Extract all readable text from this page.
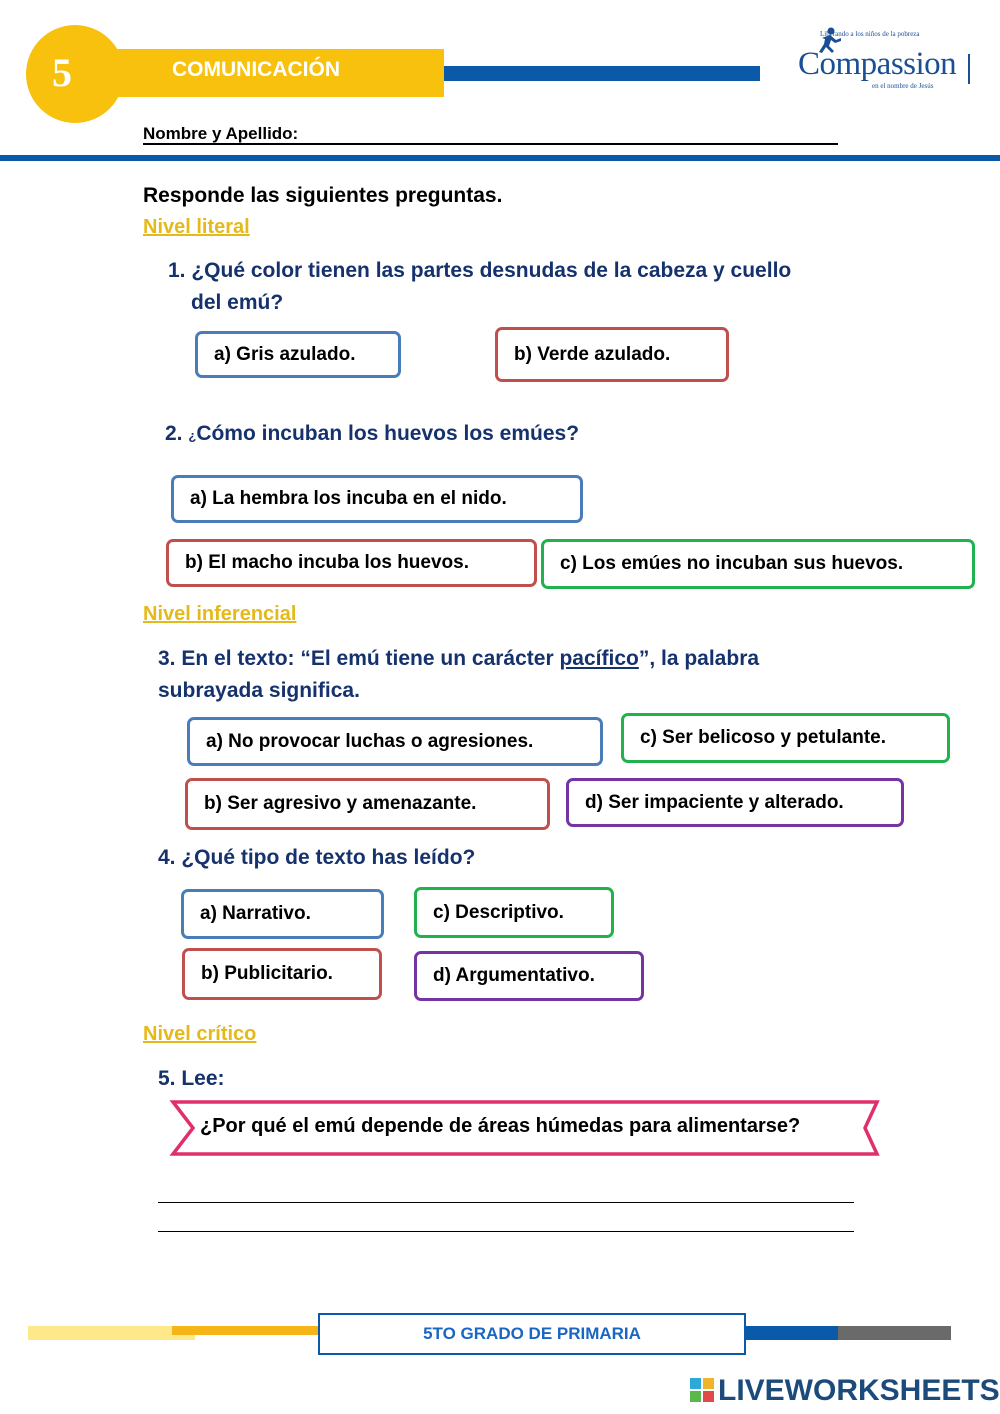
COMUNICACIÓN
5
Liberando a los niños de la pobreza
Compassion
en el nombre de Jesús
Nombre y Apellido:
Responde las siguientes preguntas.
Nivel literal
1. ¿Qué color tienen las partes desnudas de la cabeza y cuello
del emú?
a) Gris azulado.	b) Verde azulado.
2. ¿Cómo incuban los huevos los emúes?
a) La hembra los incuba en el nido.
b) El macho incuba los huevos.	c) Los emúes no incuban sus huevos.
Nivel inferencial
3. En el texto: “El emú tiene un carácter pacífico”, la palabra
subrayada significa.
a) No provocar luchas o agresiones.	c) Ser belicoso y petulante.
b) Ser agresivo y amenazante.	d) Ser impaciente y alterado.
4. ¿Qué tipo de texto has leído?
a) Narrativo.	c) Descriptivo.
b) Publicitario.	d) Argumentativo.
Nivel crítico
5. Lee:
¿Por qué el emú depende de áreas húmedas para alimentarse?
5TO GRADO DE PRIMARIA
LIVEWORKSHEETS
